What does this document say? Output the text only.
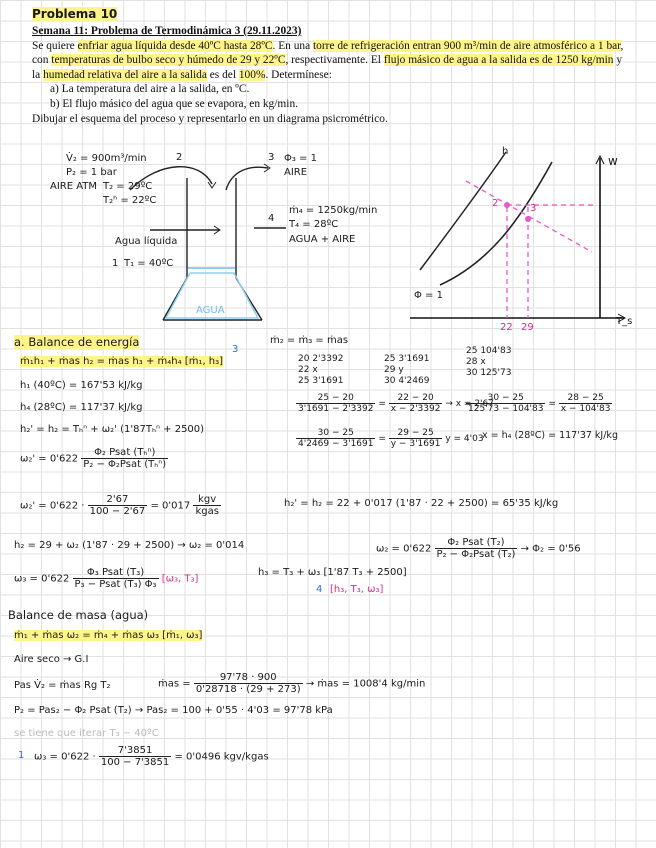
Problema 10

Semana 11: Problema de Termodinámica 3 (29.11.2023)

Se quiere enfriar agua líquida desde 40ºC hasta 28ºC. En una torre de refrigeración entran 900 m³/min de aire atmosférico a 1 bar, con temperaturas de bulbo seco y húmedo de 29 y 22ºC, respectivamente. El flujo másico de agua a la salida es de 1250 kg/min y la humedad relativa del aire a la salida es del 100%. Determínese:

a) La temperatura del aire a la salida, en ºC.
b) El flujo másico del agua que se evapora, en kg/min.

Dibujar el esquema del proceso y representarlo en un diagrama psicrométrico.

V̇₂ = 900m³/min
P₂ = 1 bar
AIRE ATM T₂ = 29ºC
T₂ʰ = 22ºC
2	3 Φ₃ = 1
AIRE
4
ṁ₄ = 1250kg/min
T₄ = 28ºC
AGUA + AIRE
Agua líquida
1 T₁ = 40ºC
AGUA
h
w
T_s
Φ = 1
2	3
22 29
a. Balance de energía	ṁ₂ = ṁ₃ = ṁas
ṁ₁h₁ + ṁas h₂ = ṁas h₃ + ṁ₄h₄ [ṁ₁, h₃]
h₁ (40ºC) = 167'53 kJ/kg
h₄ (28ºC) = 117'37 kJ/kg
h₂' = h₂ = Tₕⁿ + ω₂' (1'87Tₕⁿ + 2500)
$\omega_2' = 0'622 \frac{\text{Φ₂ Psat (Tₕⁿ)}}{\text{P₂ − Φ₂Psat (Tₕⁿ)}}$
20 2'3392
22 x
25 3'1691
25 3'1691
29 y
30 4'2469
25 104'83
28 x
30 125'73
$\frac{25 - 20}{3'1691 - 2'3392} = \frac{22 - 20}{x - 2'3392} \to x = 2'67$
$\frac{30 - 25}{125'73 - 104'83} = \frac{28 - 25}{x - 104'83}$
$\frac{30 - 25}{4'2469 - 3'1691} = \frac{29 - 25}{y - 3'1691}$ y = 4'03
x = h₄ (28ºC) = 117'37 kJ/kg
$\omega_2' = 0'622 \cdot \frac{2'67}{100 - 2'67} = 0'017 \frac{\text{kgv}}{\text{kgas}}$	h₂' = h₂ = 22 + 0'017 (1'87 · 22 + 2500) = 65'35 kJ/kg
h₂ = 29 + ω₂ (1'87 · 29 + 2500) → ω₂ = 0'014	$\omega_2 = 0'622 \frac{\text{Φ₂ Psat (T₂)}}{\text{P₂ − Φ₂Psat (T₂)}} \to \Phi_2 = 0'56$
$\omega_3 = 0'622 \frac{\text{Φ₃ Psat (T₃)}}{\text{P₃ − Psat (T₃) Φ₃}} [\omega_3$, T₃]
h₃ = T₃ + ω₃ [1'87 T₃ + 2500]
4 [h₃, T₃, ω₃]
Balance de masa (agua)
ṁ₁ + ṁas ω₂ = ṁ₄ + ṁas ω₃ [ṁ₁, ω₃]
Aire seco → G.I
Pas V̇₂ = ṁas Rg T₂	ṁas = $\frac{97'78 \cdot 900}{0'28718 \cdot (29 + 273)}$ → ṁas = 1008'4 kg/min
P₂ = Pas₂ − Φ₂ Psat (T₂) → Pas₂ = 100 + 0'55 · 4'03 = 97'78 kPa
se tiene que iterar T₃ − 40ºC
$\omega_3 = 0'622 \cdot \frac{7'3851}{100 - 7'3851} = 0'0496$ kgv/kgas
3
1
